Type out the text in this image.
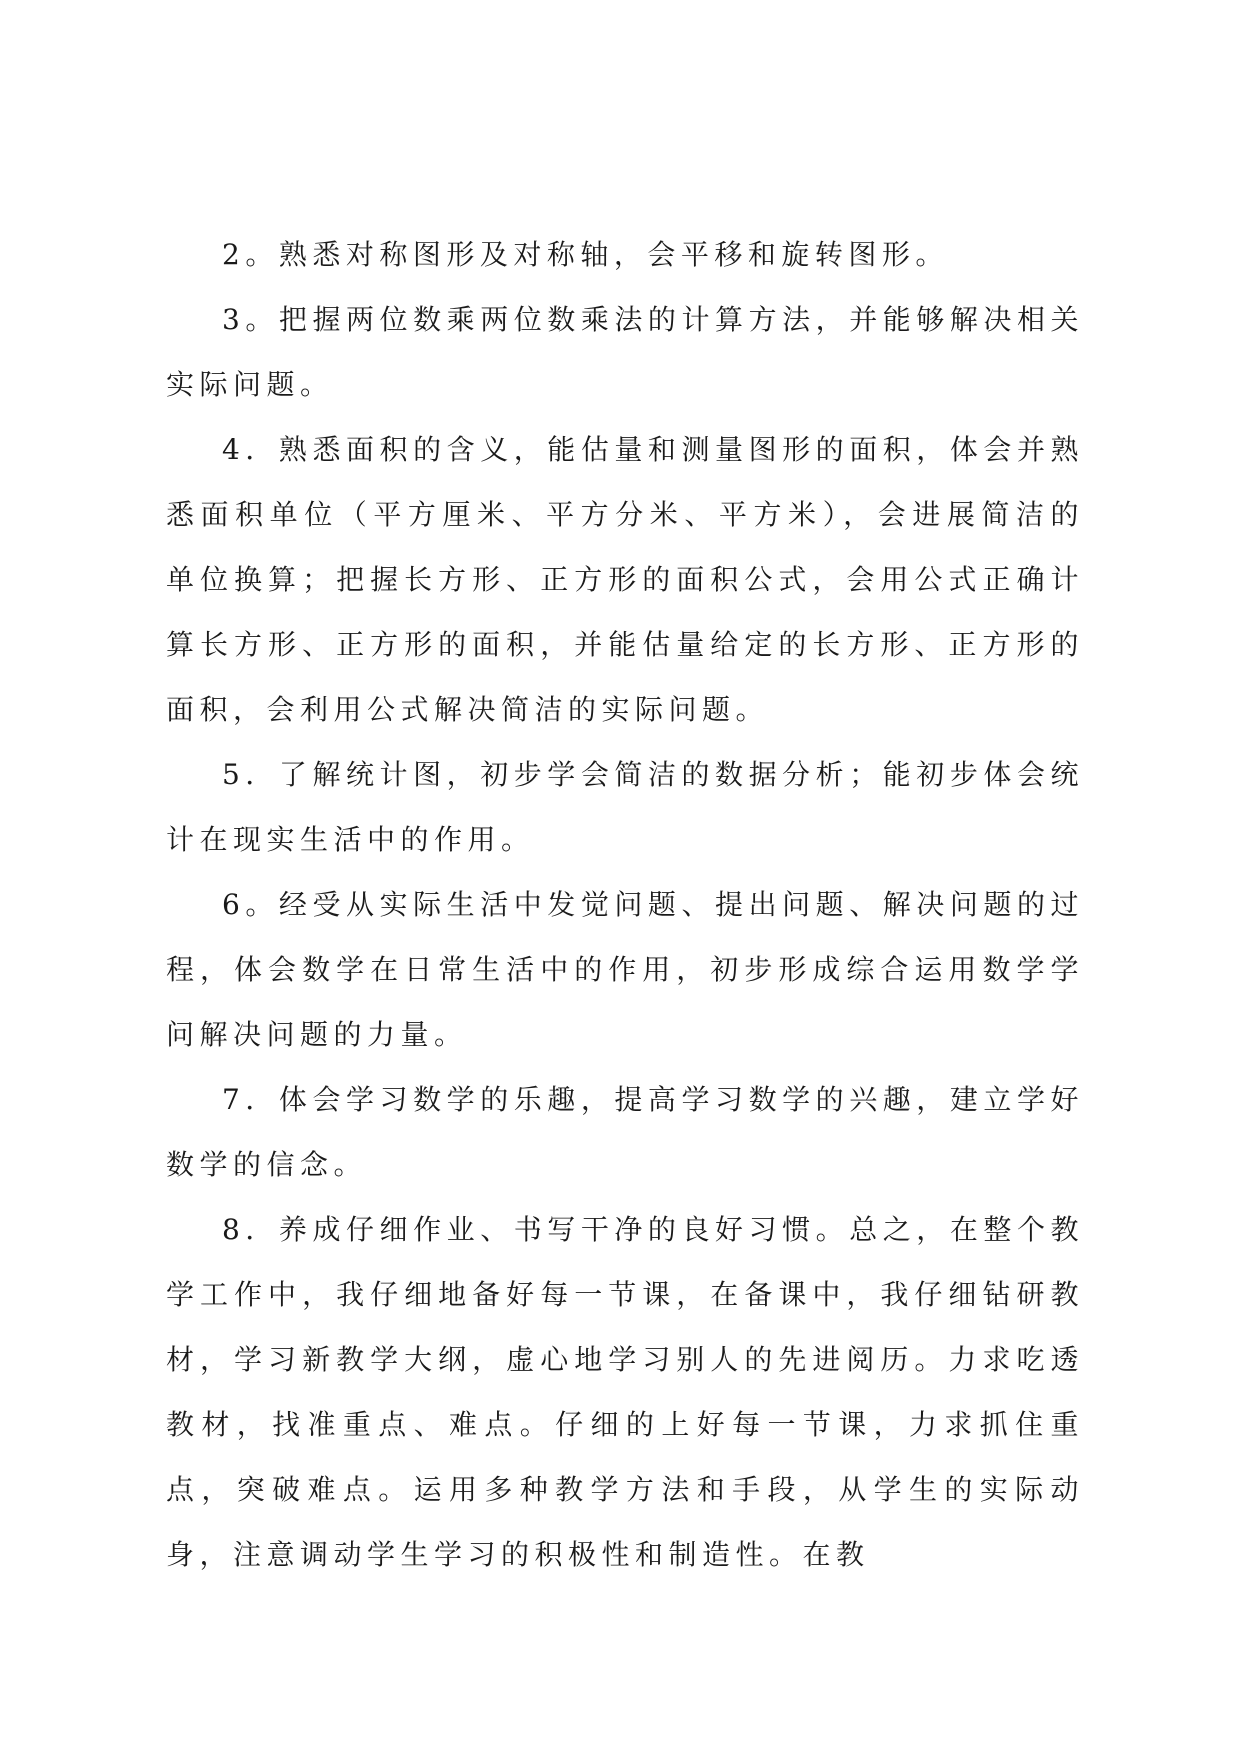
2。熟悉对称图形及对称轴，会平移和旋转图形。

3。把握两位数乘两位数乘法的计算方法，并能够解决相关实际问题。

4．熟悉面积的含义，能估量和测量图形的面积，体会并熟悉面积单位（平方厘米、平方分米、平方米），会进展简洁的单位换算；把握长方形、正方形的面积公式，会用公式正确计算长方形、正方形的面积，并能估量给定的长方形、正方形的面积，会利用公式解决简洁的实际问题。

5．了解统计图，初步学会简洁的数据分析；能初步体会统计在现实生活中的作用。

6。经受从实际生活中发觉问题、提出问题、解决问题的过程，体会数学在日常生活中的作用，初步形成综合运用数学学问解决问题的力量。

7．体会学习数学的乐趣，提高学习数学的兴趣，建立学好数学的信念。

8．养成仔细作业、书写干净的良好习惯。总之，在整个教学工作中，我仔细地备好每一节课，在备课中，我仔细钻研教材，学习新教学大纲，虚心地学习别人的先进阅历。力求吃透教材，找准重点、难点。仔细的上好每一节课，力求抓住重点，突破难点。运用多种教学方法和手段，从学生的实际动身，注意调动学生学习的积极性和制造性。在教
